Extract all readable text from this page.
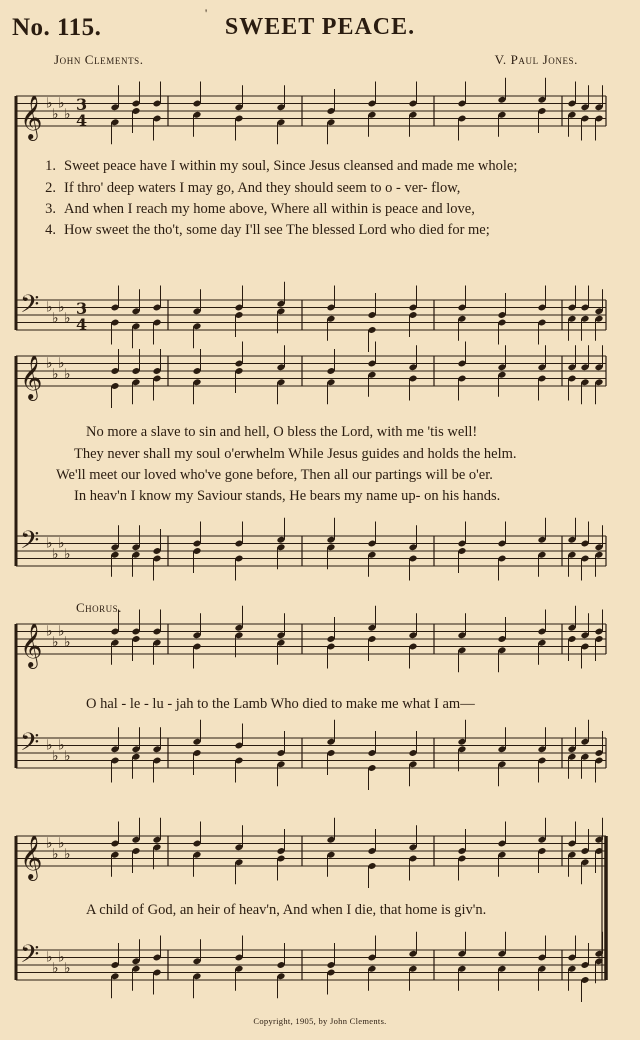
No. 115.	SWEET PEACE.
'
John Clements.	V. Paul Jones.
𝄞 ♭
♭
♭
♭
3
4
𝄢 ♭
♭
♭
♭
3
4
1. Sweet peace have I within my soul, Since Jesus cleansed and made me whole;
2. If thro' deep waters I may go, And they should seem to o - ver- flow,
3. And when I reach my home above, Where all within is peace and love,
4. How sweet the tho't, some day I'll see The blessed Lord who died for me;
𝄞 ♭
♭
♭
♭
𝄢 ♭
♭
♭
♭
No more a slave to sin and hell, O bless the Lord, with me 'tis well!
They never shall my soul o'erwhelm While Jesus guides and holds the helm.
We'll meet our loved who've gone before, Then all our partings will be o'er.
In heav'n I know my Saviour stands, He bears my name up- on his hands.
Chorus.
𝄞 ♭
♭
♭
♭
𝄢 ♭
♭
♭
♭
O hal - le - lu - jah to the Lamb Who died to make me what I am—
𝄞 ♭
♭
♭
♭
𝄢 ♭
♭
♭
♭
A child of God, an heir of heav'n, And when I die, that home is giv'n.
Copyright, 1905, by John Clements.
